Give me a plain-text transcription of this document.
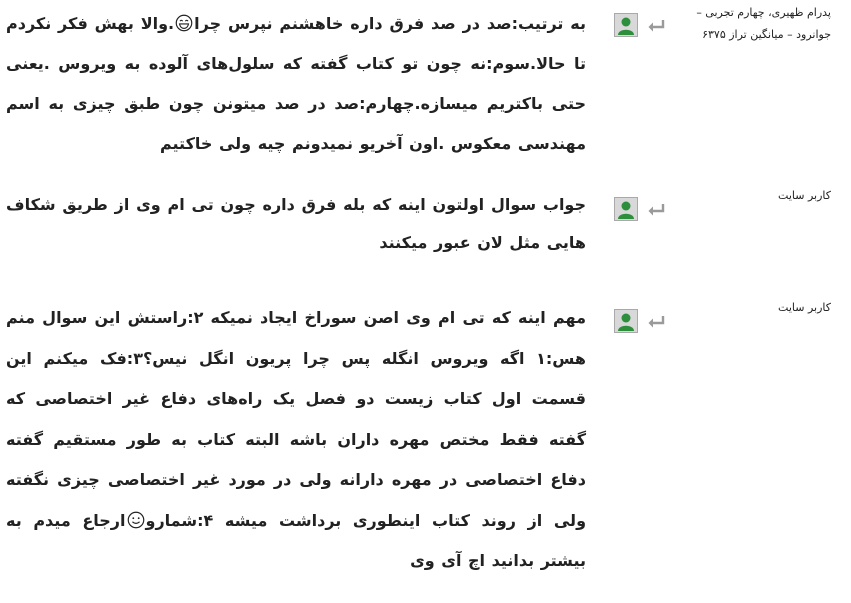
پدرام ظهیری، چهارم تجربی – جوانرود – میانگین تراز ۶۳۷۵
به ترتیب:صد در صد فرق داره خاهشنم نپرس چرا.والا بهش فکر نکردم تا حالا.سوم:نه چون تو کتاب گفته که سلول‌های آلوده به ویروس .یعنی حتی باکتریم میسازه.چهارم:صد در صد میتونن چون طبق چیزی به اسم مهندسی معکوس .اون آخریو نمیدونم چیه ولی خاکتیم
کاربر سایت
جواب سوال اولتون اینه که بله فرق داره چون تی ام وی از طریق شکاف هایی مثل لان عبور میکنند
کاربر سایت
مهم اینه که تی ام وی اصن سوراخ ایجاد نمیکه ۲:راستش این سوال منم هس:۱ اگه ویروس انگله پس چرا پریون انگل نیس؟۳:فک میکنم این قسمت اول کتاب زیست دو فصل یک راه‌های دفاع غیر اختصاصی که گفته فقط مختص مهره داران باشه البته کتاب به طور مستقیم گفته دفاع اختصاصی در مهره دارانه ولی در مورد غیر اختصاصی چیزی نگفته ولی از روند کتاب اینطوری برداشت میشه ۴:شماروارجاع میدم به بیشتر بدانید اچ آی وی
